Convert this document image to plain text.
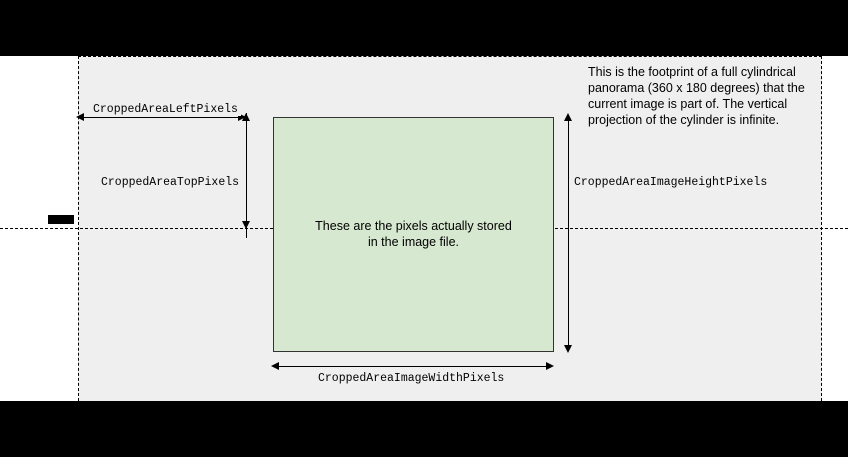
These are the pixels actually stored
in the image file.
This is the footprint of a full cylindrical panorama (360 x 180 degrees) that the current image is part of. The vertical projection of the cylinder is infinite.
CroppedAreaLeftPixels
CroppedAreaTopPixels	CroppedAreaImageHeightPixels
CroppedAreaImageWidthPixels
